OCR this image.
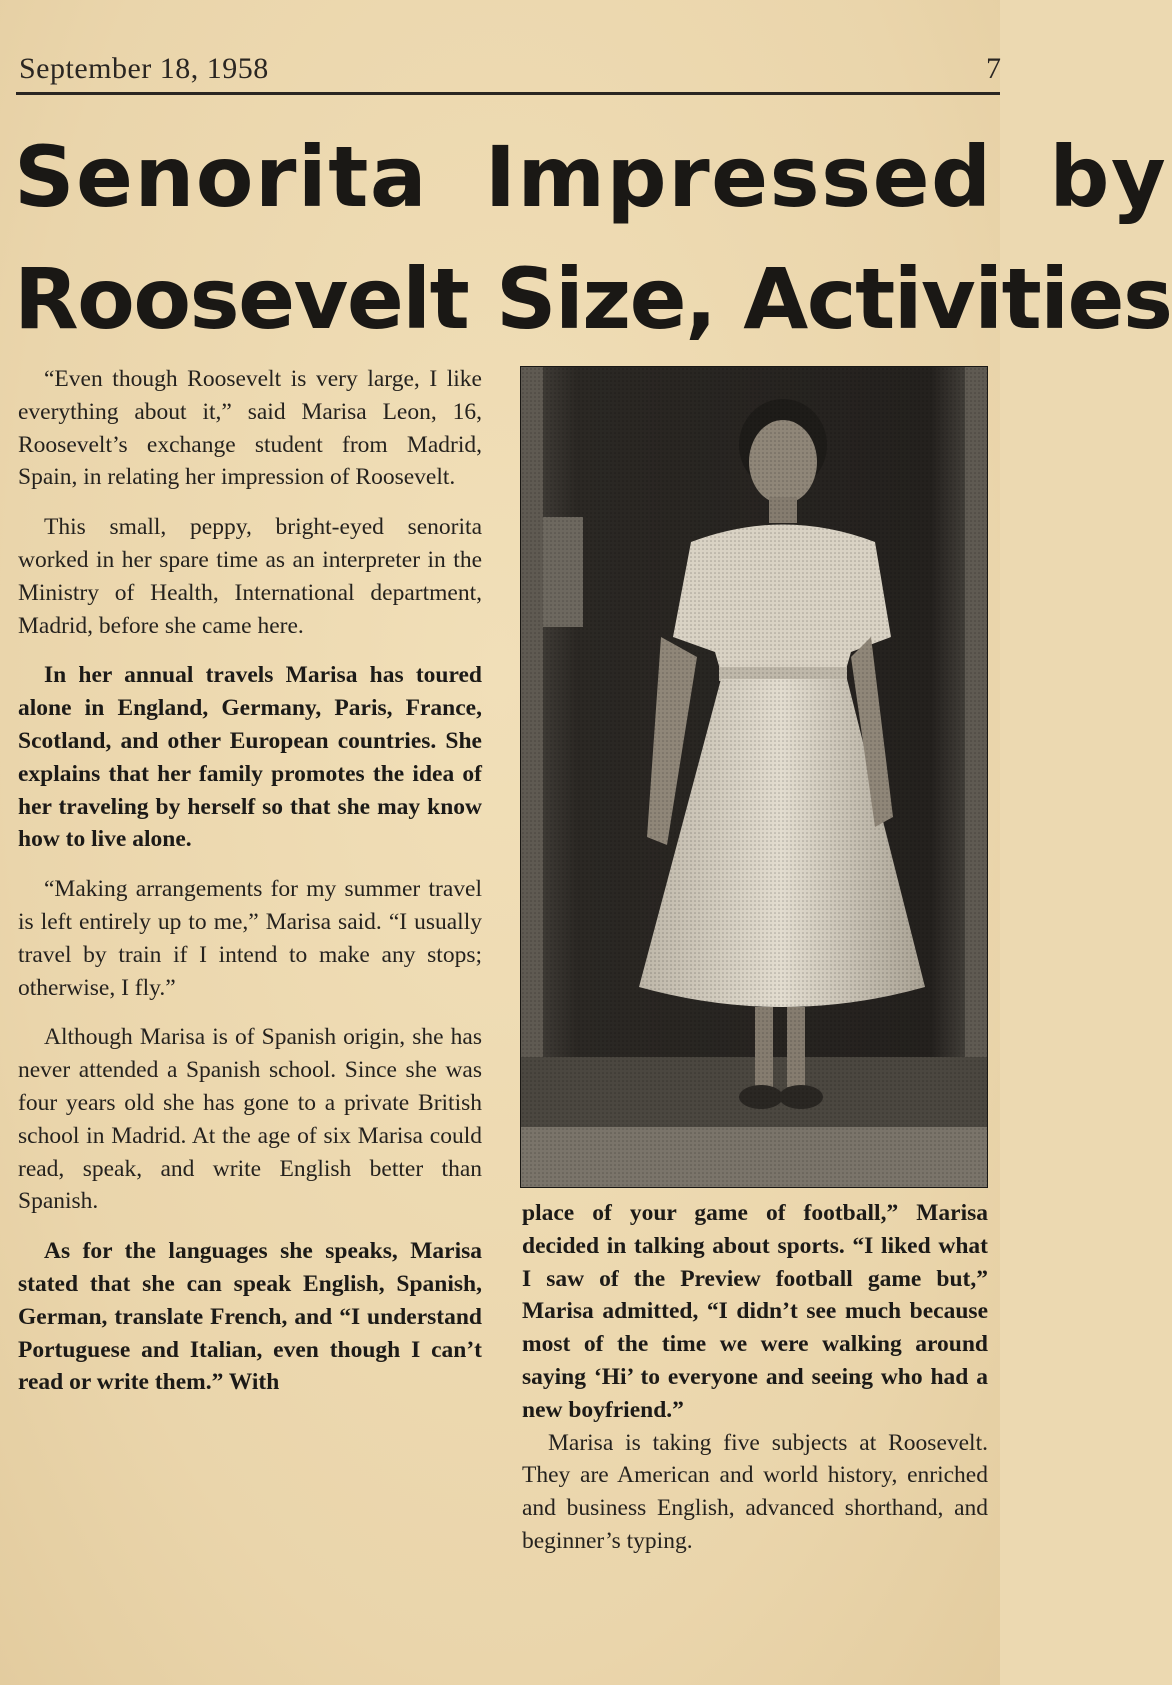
September 18, 1958	7
Senorita Impressed by
Roosevelt Size, Activities

“Even though Roosevelt is very large, I like everything about it,” said Marisa Leon, 16, Roosevelt’s exchange student from Madrid, Spain, in relating her impression of Roosevelt.

This small, peppy, bright-eyed senorita worked in her spare time as an interpreter in the Ministry of Health, International department, Madrid, before she came here.

In her annual travels Marisa has toured alone in England, Germany, Paris, France, Scotland, and other European countries. She explains that her family promotes the idea of her traveling by herself so that she may know how to live alone.

“Making arrangements for my summer travel is left entirely up to me,” Marisa said. “I usually travel by train if I intend to make any stops; otherwise, I fly.”

Although Marisa is of Spanish origin, she has never attended a Spanish school. Since she was four years old she has gone to a private British school in Madrid. At the age of six Marisa could read, speak, and write English better than Spanish.

As for the languages she speaks, Marisa stated that she can speak English, Spanish, German, translate French, and “I understand Portuguese and Italian, even though I can’t read or write them.” With

place of your game of football,” Marisa decided in talking about sports. “I liked what I saw of the Preview football game but,” Marisa admitted, “I didn’t see much because most of the time we were walking around saying ‘Hi’ to everyone and seeing who had a new boyfriend.”

Marisa is taking five subjects at Roosevelt. They are American and world history, enriched and business English, advanced shorthand, and beginner’s typing.
